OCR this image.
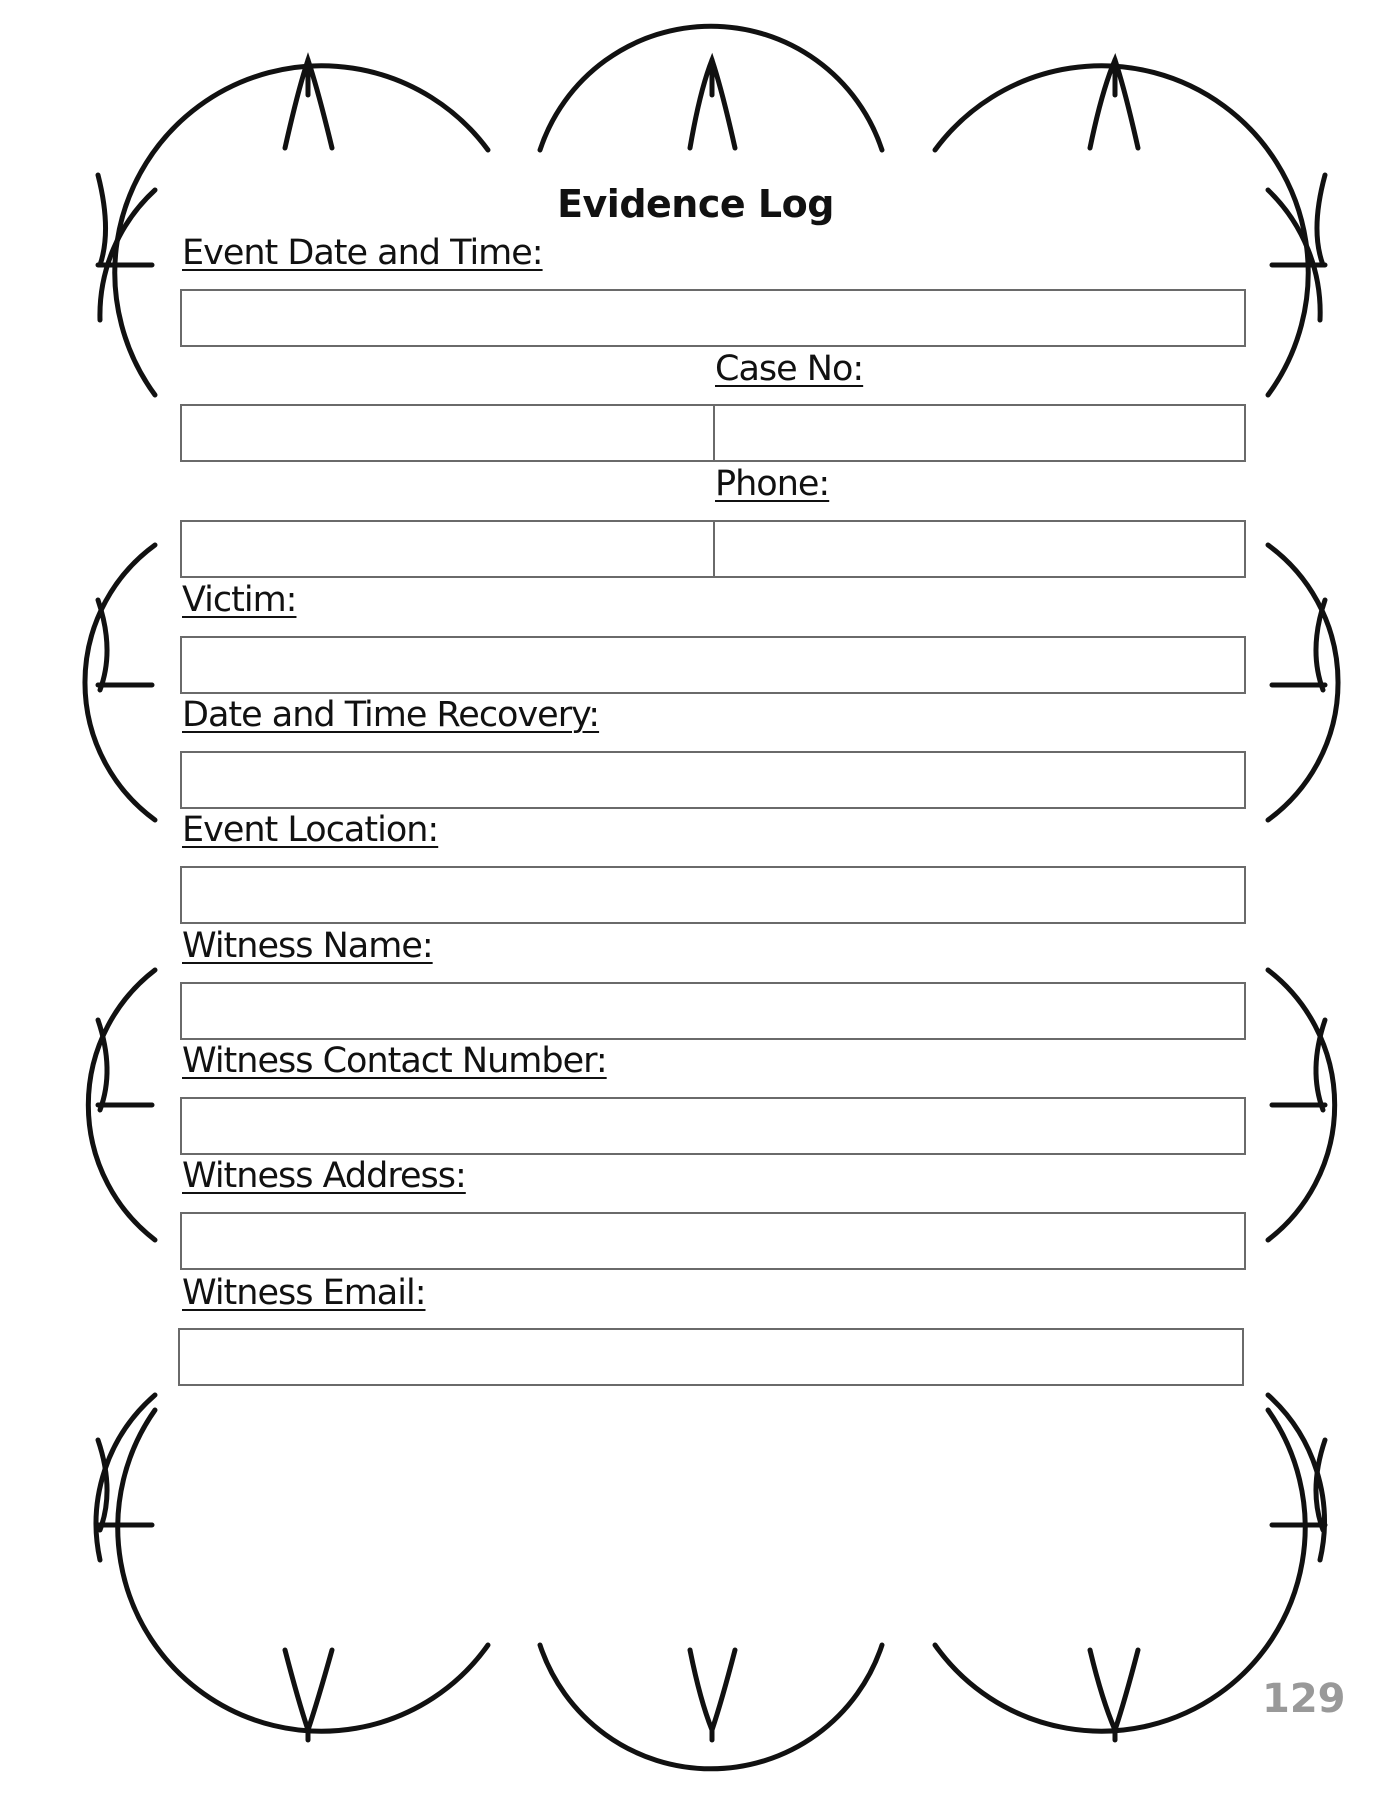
Evidence Log
Event Date and Time:
Case No:
Phone:
Victim:
Date and Time Recovery:
Event Location:
Witness Name:
Witness Contact Number:
Witness Address:
Witness Email:
129
